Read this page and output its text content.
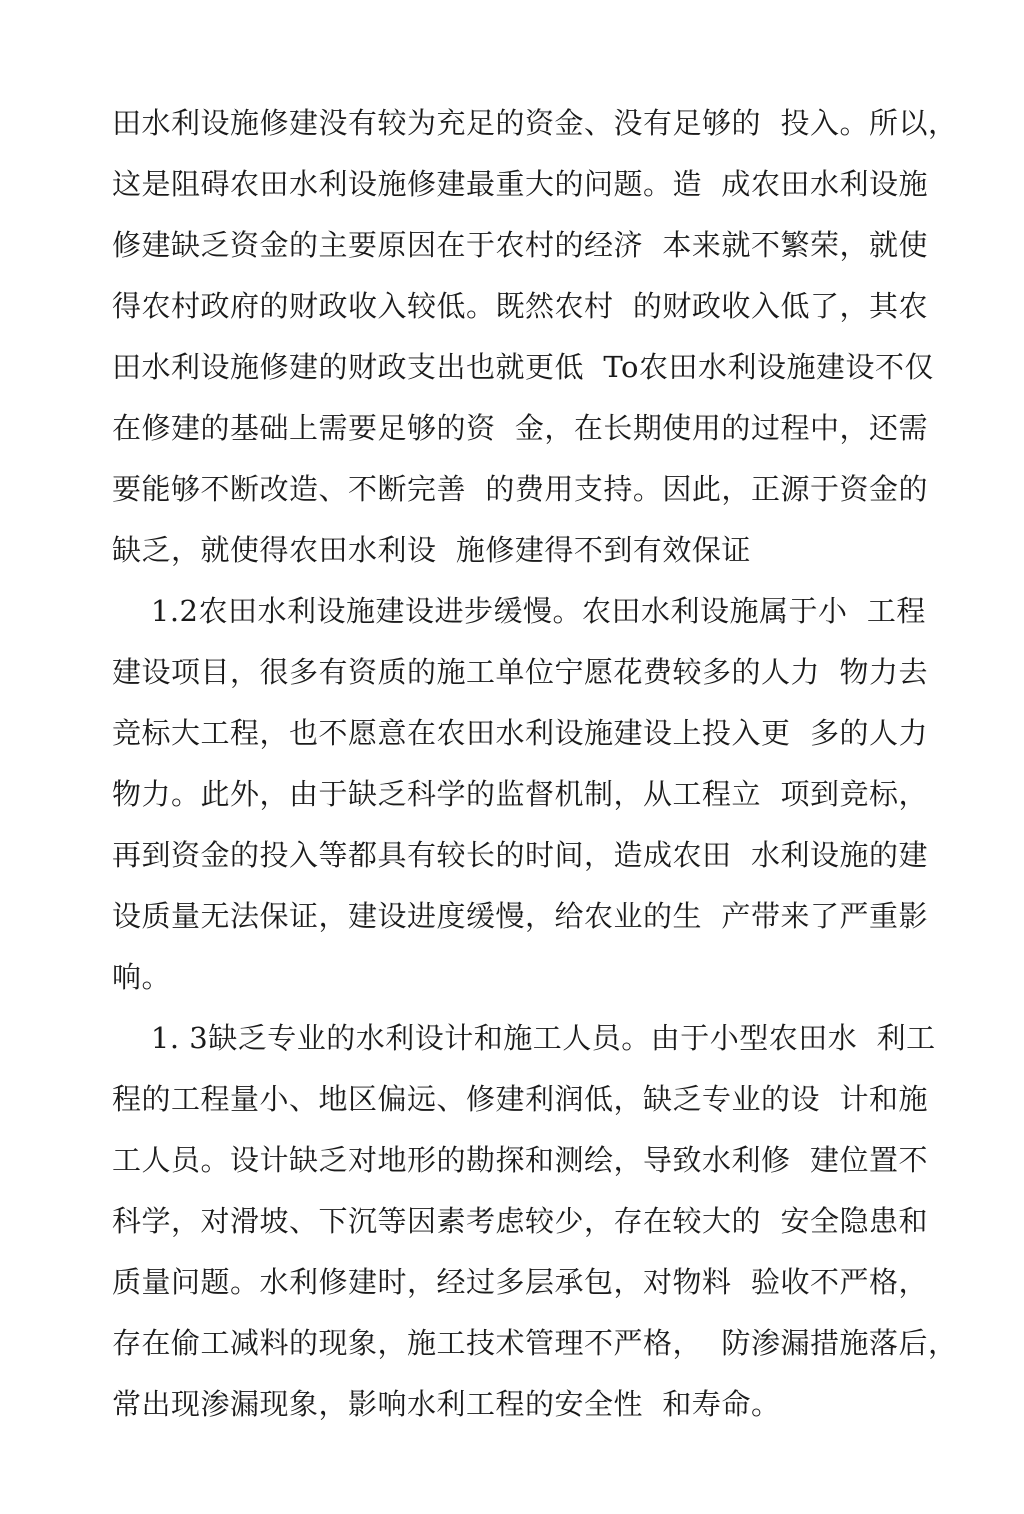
田水利设施修建没有较为充足的资金、没有足够的  投入。所以，
这是阻碍农田水利设施修建最重大的问题。造  成农田水利设施
修建缺乏资金的主要原因在于农村的经济  本来就不繁荣，就使
得农村政府的财政收入较低。既然农村  的财政收入低了，其农
田水利设施修建的财政支出也就更低  To农田水利设施建设不仅
在修建的基础上需要足够的资  金，在长期使用的过程中，还需
要能够不断改造、不断完善  的费用支持。因此，正源于资金的
缺乏，就使得农田水利设  施修建得不到有效保证
1.2农田水利设施建设进步缓慢。农田水利设施属于小  工程
建设项目，很多有资质的施工单位宁愿花费较多的人力  物力去
竞标大工程，也不愿意在农田水利设施建设上投入更  多的人力
物力。此外，由于缺乏科学的监督机制，从工程立  项到竞标，
再到资金的投入等都具有较长的时间，造成农田  水利设施的建
设质量无法保证，建设进度缓慢，给农业的生  产带来了严重影
响。
1. 3缺乏专业的水利设计和施工人员。由于小型农田水  利工
程的工程量小、地区偏远、修建利润低，缺乏专业的设  计和施
工人员。设计缺乏对地形的勘探和测绘，导致水利修  建位置不
科学，对滑坡、下沉等因素考虑较少，存在较大的  安全隐患和
质量问题。水利修建时，经过多层承包，对物料  验收不严格，
存在偷工减料的现象，施工技术管理不严格，  防渗漏措施落后，
常出现渗漏现象，影响水利工程的安全性  和寿命。
